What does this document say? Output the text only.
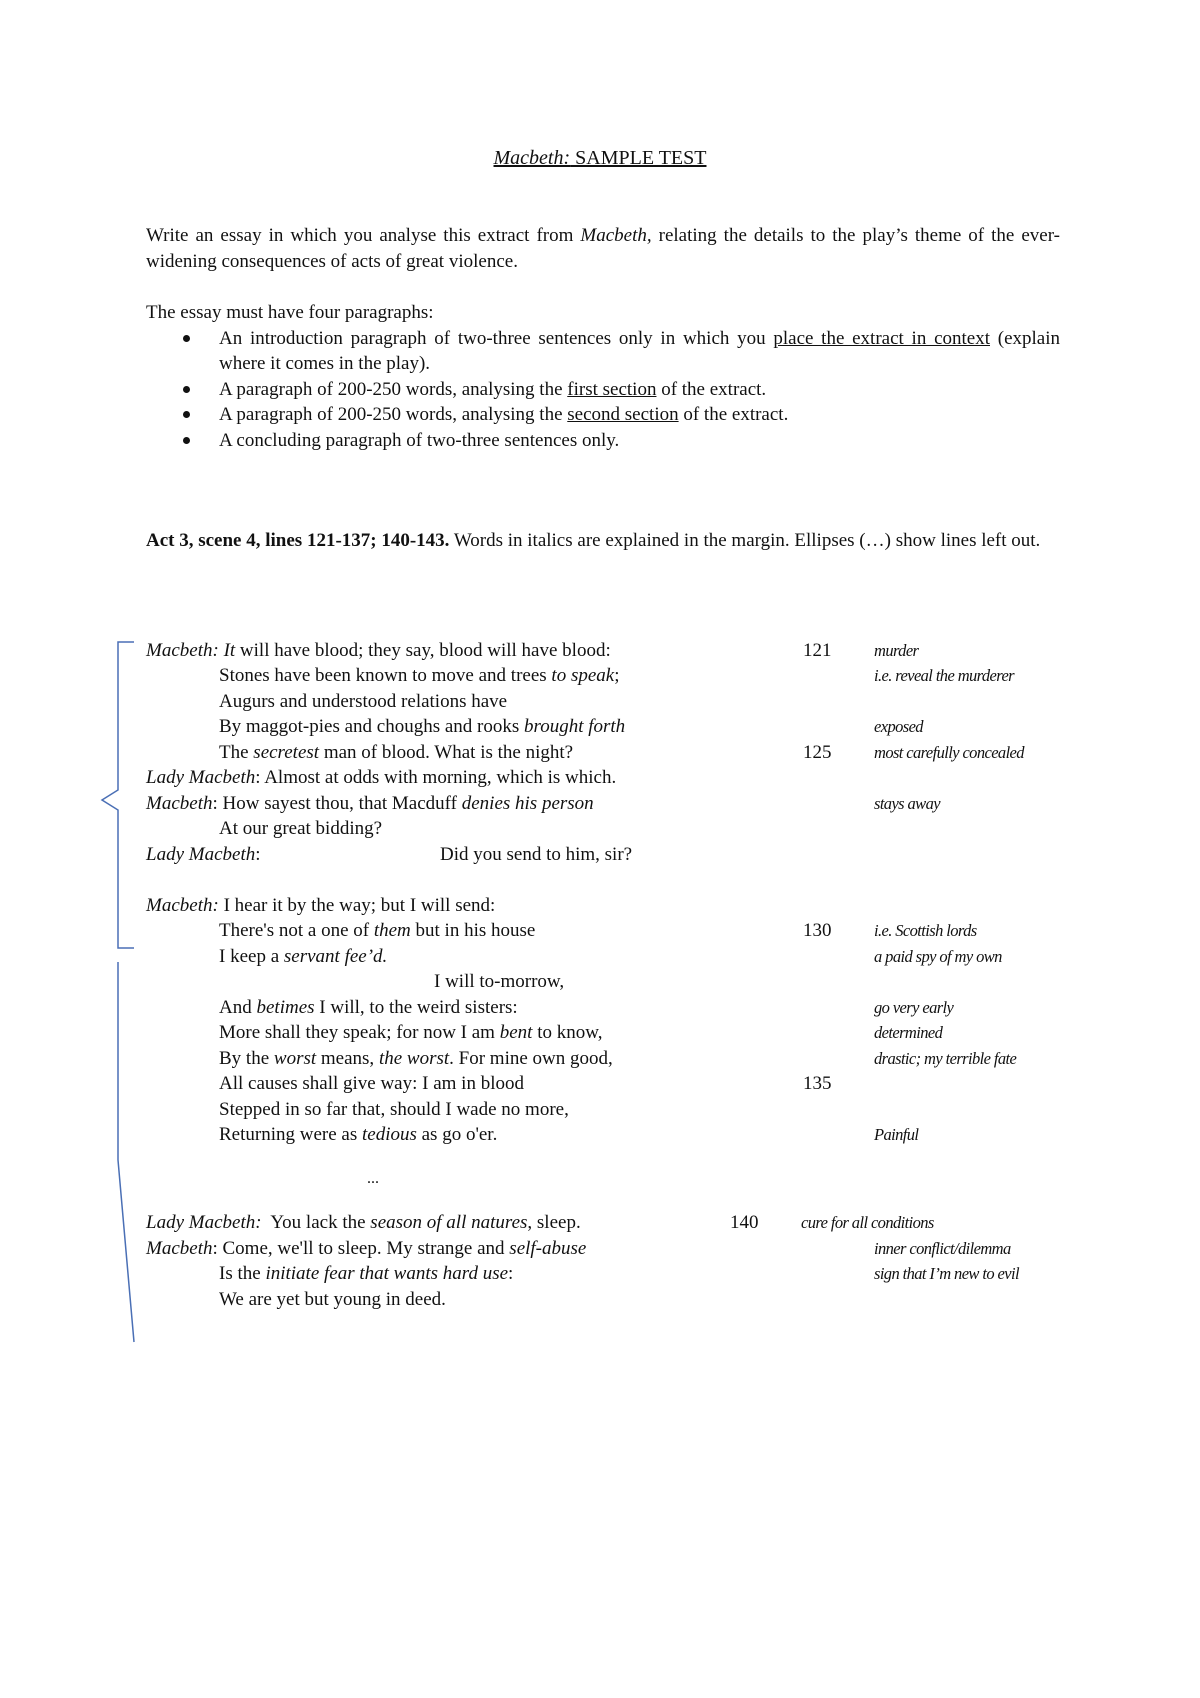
Macbeth: SAMPLE TEST
Write an essay in which you analyse this extract from Macbeth, relating the details to the play’s theme of the ever-widening consequences of acts of great violence.
The essay must have four paragraphs:
An introduction paragraph of two-three sentences only in which you place the extract in context (explain where it comes in the play).
A paragraph of 200-250 words, analysing the first section of the extract.
A paragraph of 200-250 words, analysing the second section of the extract.
A concluding paragraph of two-three sentences only.
Act 3, scene 4, lines 121-137; 140-143. Words in italics are explained in the margin. Ellipses (…) show lines left out.
Macbeth: It will have blood; they say, blood will have blood:	121	murder
Stones have been known to move and trees to speak;	i.e. reveal the murderer
Augurs and understood relations have
By maggot-pies and choughs and rooks brought forth	exposed
The secretest man of blood. What is the night?	125	most carefully concealed
Lady Macbeth: Almost at odds with morning, which is which.
Macbeth: How sayest thou, that Macduff denies his person	stays away
At our great bidding?
Lady Macbeth:	Did you send to him, sir?
Macbeth: I hear it by the way; but I will send:
There's not a one of them but in his house	130	i.e. Scottish lords
I keep a servant fee’d.	a paid spy of my own
I will to-morrow,
And betimes I will, to the weird sisters:	go very early
More shall they speak; for now I am bent to know,	determined
By the worst means, the worst. For mine own good,	drastic; my terrible fate
All causes shall give way: I am in blood	135
Stepped in so far that, should I wade no more,
Returning were as tedious as go o'er.	Painful
...
Lady Macbeth:  You lack the season of all natures, sleep.	140	cure for all conditions
Macbeth: Come, we'll to sleep. My strange and self-abuse	inner conflict/dilemma
Is the initiate fear that wants hard use:	sign that I’m new to evil
We are yet but young in deed.
